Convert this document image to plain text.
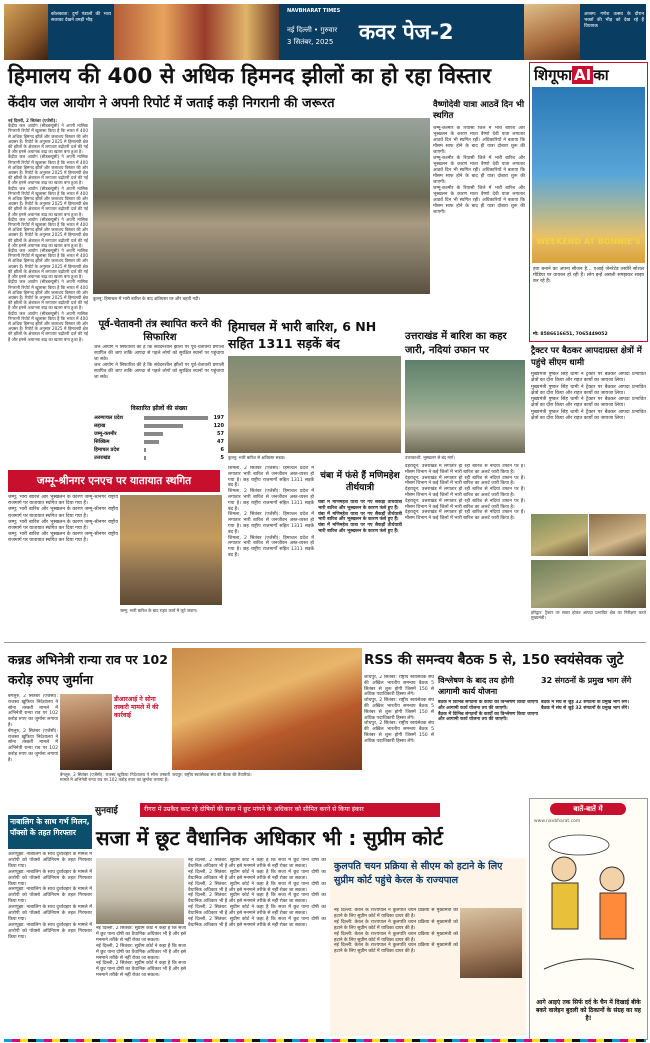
कोलकाता: दुर्गा पंडालों की भव्य सजावट देखने उमड़ी भीड़
NAVBHARAT TIMES
नई दिल्ली • गुरुवार
3 सितंबर, 2025 कवर पेज-2
आश्रम: गणेश उत्सव के दौरान भक्तों की भीड़ को देख रहे हैं विधायक
हिमालय की 400 से अधिक हिमनद झीलों का हो रहा विस्तार
केंदीय जल आयोग ने अपनी रिपोर्ट में जताई कड़ी निगरानी की जरूरत
नई दिल्ली, 2 सितंबर (एजेंसी):
केंद्रीय जल आयोग (सीडब्ल्यूसी) ने अपनी मासिक निगरानी रिपोर्ट में खुलासा किया है कि भारत में 400 से अधिक हिमनद झीलें और जलाशय विस्तार की ओर अग्रसर हैं। रिपोर्ट के अनुसार 2025 में हिमालयी क्षेत्र की झीलों के क्षेत्रफल में लगातार बढ़ोतरी दर्ज की गई है और इनसे अचानक बाढ़ का खतरा बना हुआ है।
केंद्रीय जल आयोग (सीडब्ल्यूसी) ने अपनी मासिक निगरानी रिपोर्ट में खुलासा किया है कि भारत में 400 से अधिक हिमनद झीलें और जलाशय विस्तार की ओर अग्रसर हैं। रिपोर्ट के अनुसार 2025 में हिमालयी क्षेत्र की झीलों के क्षेत्रफल में लगातार बढ़ोतरी दर्ज की गई है और इनसे अचानक बाढ़ का खतरा बना हुआ है।
केंद्रीय जल आयोग (सीडब्ल्यूसी) ने अपनी मासिक निगरानी रिपोर्ट में खुलासा किया है कि भारत में 400 से अधिक हिमनद झीलें और जलाशय विस्तार की ओर अग्रसर हैं। रिपोर्ट के अनुसार 2025 में हिमालयी क्षेत्र की झीलों के क्षेत्रफल में लगातार बढ़ोतरी दर्ज की गई है और इनसे अचानक बाढ़ का खतरा बना हुआ है।
केंद्रीय जल आयोग (सीडब्ल्यूसी) ने अपनी मासिक निगरानी रिपोर्ट में खुलासा किया है कि भारत में 400 से अधिक हिमनद झीलें और जलाशय विस्तार की ओर अग्रसर हैं। रिपोर्ट के अनुसार 2025 में हिमालयी क्षेत्र की झीलों के क्षेत्रफल में लगातार बढ़ोतरी दर्ज की गई है और इनसे अचानक बाढ़ का खतरा बना हुआ है।
केंद्रीय जल आयोग (सीडब्ल्यूसी) ने अपनी मासिक निगरानी रिपोर्ट में खुलासा किया है कि भारत में 400 से अधिक हिमनद झीलें और जलाशय विस्तार की ओर अग्रसर हैं। रिपोर्ट के अनुसार 2025 में हिमालयी क्षेत्र की झीलों के क्षेत्रफल में लगातार बढ़ोतरी दर्ज की गई है और इनसे अचानक बाढ़ का खतरा बना हुआ है।
केंद्रीय जल आयोग (सीडब्ल्यूसी) ने अपनी मासिक निगरानी रिपोर्ट में खुलासा किया है कि भारत में 400 से अधिक हिमनद झीलें और जलाशय विस्तार की ओर अग्रसर हैं। रिपोर्ट के अनुसार 2025 में हिमालयी क्षेत्र की झीलों के क्षेत्रफल में लगातार बढ़ोतरी दर्ज की गई है और इनसे अचानक बाढ़ का खतरा बना हुआ है।
केंद्रीय जल आयोग (सीडब्ल्यूसी) ने अपनी मासिक निगरानी रिपोर्ट में खुलासा किया है कि भारत में 400 से अधिक हिमनद झीलें और जलाशय विस्तार की ओर अग्रसर हैं। रिपोर्ट के अनुसार 2025 में हिमालयी क्षेत्र की झीलों के क्षेत्रफल में लगातार बढ़ोतरी दर्ज की गई है और इनसे अचानक बाढ़ का खतरा बना हुआ है।
कुल्लू: हिमाचल में भारी बारिश के बाद क्षतिग्रस्त घर और बहती नदी।
वैष्णोदेवी यात्रा आठवें दिन भी स्थगित
जम्मू-कश्मीर के रियासी जिले में भारी बारिश और भूस्खलन के कारण माता वैष्णो देवी यात्रा लगातार आठवें दिन भी स्थगित रही। अधिकारियों ने बताया कि मौसम साफ होने के बाद ही यात्रा दोबारा शुरू की जाएगी।
जम्मू-कश्मीर के रियासी जिले में भारी बारिश और भूस्खलन के कारण माता वैष्णो देवी यात्रा लगातार आठवें दिन भी स्थगित रही। अधिकारियों ने बताया कि मौसम साफ होने के बाद ही यात्रा दोबारा शुरू की जाएगी।
जम्मू-कश्मीर के रियासी जिले में भारी बारिश और भूस्खलन के कारण माता वैष्णो देवी यात्रा लगातार आठवें दिन भी स्थगित रही। अधिकारियों ने बताया कि मौसम साफ होने के बाद ही यात्रा दोबारा शुरू की जाएगी।
शिगूफा AI का
WEEKEND AT BONNIE'S
हवा बनाने का अपना सीजन है... एआई जेनरेटेड तस्वीरें सोशल मीडिया पर वायरल हो रही हैं। लोग इन्हें असली समझकर साझा कर रहे हैं।
मो: 8586616651, 7065449052
पूर्व-चेतावनी तंत्र स्थापित करने की सिफारिश
जल आयोग ने सिफारिश की है कि संवेदनशील झीलों पर पूर्व-चेतावनी प्रणाली स्थापित की जाए ताकि आपदा से पहले लोगों को सुरक्षित स्थानों पर पहुंचाया जा सके।
जल आयोग ने सिफारिश की है कि संवेदनशील झीलों पर पूर्व-चेतावनी प्रणाली स्थापित की जाए ताकि आपदा से पहले लोगों को सुरक्षित स्थानों पर पहुंचाया जा सके।
विस्तारित झीलों की संख्या
अरुणाचल प्रदेश	197
लद्दाख	120
जम्मू-कश्मीर	57
सिक्किम	47
हिमाचल प्रदेश	6
उत्तराखंड	5
हिमाचल में भारी बारिश, 6 NH सहित 1311 सड़कें बंद
कुल्लू: भारी बारिश से क्षतिग्रस्त सड़क।
उत्तराखंड में बारिश का कहर जारी, नदियां उफान पर
उत्तरकाशी: भूस्खलन से बंद मार्ग।
ट्रैक्टर पर बैठकर आपदाग्रस्त क्षेत्रों में पहुंचे सीएम धामी
मुख्यमंत्री पुष्कर सिंह धामी ने ट्रैक्टर पर बैठकर आपदा प्रभावित क्षेत्रों का दौरा किया और राहत कार्यों का जायजा लिया।
मुख्यमंत्री पुष्कर सिंह धामी ने ट्रैक्टर पर बैठकर आपदा प्रभावित क्षेत्रों का दौरा किया और राहत कार्यों का जायजा लिया।
मुख्यमंत्री पुष्कर सिंह धामी ने ट्रैक्टर पर बैठकर आपदा प्रभावित क्षेत्रों का दौरा किया और राहत कार्यों का जायजा लिया।
मुख्यमंत्री पुष्कर सिंह धामी ने ट्रैक्टर पर बैठकर आपदा प्रभावित क्षेत्रों का दौरा किया और राहत कार्यों का जायजा लिया।
देहरादून: उत्तराखंड में लगातार हो रही बारिश से नदियां उफान पर हैं। मौसम विभाग ने कई जिलों में भारी बारिश का अलर्ट जारी किया है।
देहरादून: उत्तराखंड में लगातार हो रही बारिश से नदियां उफान पर हैं। मौसम विभाग ने कई जिलों में भारी बारिश का अलर्ट जारी किया है।
देहरादून: उत्तराखंड में लगातार हो रही बारिश से नदियां उफान पर हैं। मौसम विभाग ने कई जिलों में भारी बारिश का अलर्ट जारी किया है।
देहरादून: उत्तराखंड में लगातार हो रही बारिश से नदियां उफान पर हैं। मौसम विभाग ने कई जिलों में भारी बारिश का अलर्ट जारी किया है।
देहरादून: उत्तराखंड में लगातार हो रही बारिश से नदियां उफान पर हैं। मौसम विभाग ने कई जिलों में भारी बारिश का अलर्ट जारी किया है।
हरिद्वार: ट्रैक्टर पर सवार होकर आपदा प्रभावित क्षेत्र का निरीक्षण करते मुख्यमंत्री।
जम्मू-श्रीनगर एनएच पर यातायात स्थगित
जम्मू: भारी बारिश और भूस्खलन के कारण जम्मू-श्रीनगर राष्ट्रीय राजमार्ग पर यातायात स्थगित कर दिया गया है।
जम्मू: भारी बारिश और भूस्खलन के कारण जम्मू-श्रीनगर राष्ट्रीय राजमार्ग पर यातायात स्थगित कर दिया गया है।
जम्मू: भारी बारिश और भूस्खलन के कारण जम्मू-श्रीनगर राष्ट्रीय राजमार्ग पर यातायात स्थगित कर दिया गया है।
जम्मू: भारी बारिश और भूस्खलन के कारण जम्मू-श्रीनगर राष्ट्रीय राजमार्ग पर यातायात स्थगित कर दिया गया है।
जम्मू: भारी बारिश के बाद राहत कार्य में जुटे जवान।
शिमला, 2 सितंबर (एजेंसी): हिमाचल प्रदेश में लगातार भारी बारिश से जनजीवन अस्त-व्यस्त हो गया है। छह राष्ट्रीय राजमार्गों सहित 1311 सड़कें बंद हैं।
शिमला, 2 सितंबर (एजेंसी): हिमाचल प्रदेश में लगातार भारी बारिश से जनजीवन अस्त-व्यस्त हो गया है। छह राष्ट्रीय राजमार्गों सहित 1311 सड़कें बंद हैं।
शिमला, 2 सितंबर (एजेंसी): हिमाचल प्रदेश में लगातार भारी बारिश से जनजीवन अस्त-व्यस्त हो गया है। छह राष्ट्रीय राजमार्गों सहित 1311 सड़कें बंद हैं।
शिमला, 2 सितंबर (एजेंसी): हिमाचल प्रदेश में लगातार भारी बारिश से जनजीवन अस्त-व्यस्त हो गया है। छह राष्ट्रीय राजमार्गों सहित 1311 सड़कें बंद हैं।
चंबा में फंसे हैं मणिमहेश तीर्थयात्री
चंबा में मणिमहेश यात्रा पर गए सैकड़ों तीर्थयात्री भारी बारिश और भूस्खलन के कारण फंसे हुए हैं।
चंबा में मणिमहेश यात्रा पर गए सैकड़ों तीर्थयात्री भारी बारिश और भूस्खलन के कारण फंसे हुए हैं।
चंबा में मणिमहेश यात्रा पर गए सैकड़ों तीर्थयात्री भारी बारिश और भूस्खलन के कारण फंसे हुए हैं।
कन्नड अभिनेत्री रान्या राव पर 102 करोड़ रुपए जुर्माना
बेंगलुरु, 2 सितंबर (एजेंसी): राजस्व खुफिया निदेशालय ने सोना तस्करी मामले में अभिनेत्री रान्या राव पर 102 करोड़ रुपए का जुर्माना लगाया है।
बेंगलुरु, 2 सितंबर (एजेंसी): राजस्व खुफिया निदेशालय ने सोना तस्करी मामले में अभिनेत्री रान्या राव पर 102 करोड़ रुपए का जुर्माना लगाया है।
डीआरआई ने सोना तस्करी मामले में की कार्रवाई
बेंगलुरु, 2 सितंबर (एजेंसी): राजस्व खुफिया निदेशालय ने सोना तस्करी मामले में अभिनेत्री रान्या राव पर 102 करोड़ रुपए का जुर्माना लगाया है।
नाबालिग के साथ गर्भ मिलन, पॉक्सो के तहत गिरफ्तार
अलप्पुझा: नाबालिग के साथ दुर्व्यवहार के मामले में आरोपी को पॉक्सो अधिनियम के तहत गिरफ्तार किया गया।
अलप्पुझा: नाबालिग के साथ दुर्व्यवहार के मामले में आरोपी को पॉक्सो अधिनियम के तहत गिरफ्तार किया गया।
अलप्पुझा: नाबालिग के साथ दुर्व्यवहार के मामले में आरोपी को पॉक्सो अधिनियम के तहत गिरफ्तार किया गया।
अलप्पुझा: नाबालिग के साथ दुर्व्यवहार के मामले में आरोपी को पॉक्सो अधिनियम के तहत गिरफ्तार किया गया।
अलप्पुझा: नाबालिग के साथ दुर्व्यवहार के मामले में आरोपी को पॉक्सो अधिनियम के तहत गिरफ्तार किया गया।
RSS की समन्वय बैठक 5 से, 150 स्वयंसेवक जुटे
जयपुर: राष्ट्रीय स्वयंसेवक संघ की बैठक की तैयारियां।
जोधपुर, 2 सितंबर: राष्ट्रीय स्वयंसेवक संघ की अखिल भारतीय समन्वय बैठक 5 सितंबर से शुरू होगी जिसमें 150 से अधिक पदाधिकारी हिस्सा लेंगे।
जोधपुर, 2 सितंबर: राष्ट्रीय स्वयंसेवक संघ की अखिल भारतीय समन्वय बैठक 5 सितंबर से शुरू होगी जिसमें 150 से अधिक पदाधिकारी हिस्सा लेंगे।
जोधपुर, 2 सितंबर: राष्ट्रीय स्वयंसेवक संघ की अखिल भारतीय समन्वय बैठक 5 सितंबर से शुरू होगी जिसमें 150 से अधिक पदाधिकारी हिस्सा लेंगे।
विश्लेषण के बाद तय होगी आगामी कार्य योजना
बैठक में विभिन्न संगठनों के कार्यों का विश्लेषण किया जाएगा और आगामी कार्य योजना तय की जाएगी।
बैठक में विभिन्न संगठनों के कार्यों का विश्लेषण किया जाएगा और आगामी कार्य योजना तय की जाएगी।
32 संगठनों के प्रमुख भाग लेंगे
बैठक में संघ से जुड़े 32 संगठनों के प्रमुख भाग लेंगे।
बैठक में संघ से जुड़े 32 संगठनों के प्रमुख भाग लेंगे।
सुनवाई	रीगरा में उम्रकैद काट रहे दोषियों की सजा में छूट मांगने के अधिकार को सीमित करने से किया इंकार
सजा में छूट वैधानिक अधिकार भी : सुप्रीम कोर्ट
नई दिल्ली, 2 सितंबर: सुप्रीम कोर्ट ने कहा है कि सजा में छूट पाना दोषी का वैधानिक अधिकार भी है और इसे मनमाने तरीके से नहीं रोका जा सकता।
नई दिल्ली, 2 सितंबर: सुप्रीम कोर्ट ने कहा है कि सजा में छूट पाना दोषी का वैधानिक अधिकार भी है और इसे मनमाने तरीके से नहीं रोका जा सकता।
नई दिल्ली, 2 सितंबर: सुप्रीम कोर्ट ने कहा है कि सजा में छूट पाना दोषी का वैधानिक अधिकार भी है और इसे मनमाने तरीके से नहीं रोका जा सकता।
नई दिल्ली, 2 सितंबर: सुप्रीम कोर्ट ने कहा है कि सजा में छूट पाना दोषी का वैधानिक अधिकार भी है और इसे मनमाने तरीके से नहीं रोका जा सकता।
नई दिल्ली, 2 सितंबर: सुप्रीम कोर्ट ने कहा है कि सजा में छूट पाना दोषी का वैधानिक अधिकार भी है और इसे मनमाने तरीके से नहीं रोका जा सकता।
नई दिल्ली, 2 सितंबर: सुप्रीम कोर्ट ने कहा है कि सजा में छूट पाना दोषी का वैधानिक अधिकार भी है और इसे मनमाने तरीके से नहीं रोका जा सकता।
नई दिल्ली, 2 सितंबर: सुप्रीम कोर्ट ने कहा है कि सजा में छूट पाना दोषी का वैधानिक अधिकार भी है और इसे मनमाने तरीके से नहीं रोका जा सकता।
नई दिल्ली, 2 सितंबर: सुप्रीम कोर्ट ने कहा है कि सजा में छूट पाना दोषी का वैधानिक अधिकार भी है और इसे मनमाने तरीके से नहीं रोका जा सकता।
नई दिल्ली, 2 सितंबर: सुप्रीम कोर्ट ने कहा है कि सजा में छूट पाना दोषी का वैधानिक अधिकार भी है और इसे मनमाने तरीके से नहीं रोका जा सकता।
कुलपति चयन प्रक्रिया से सीएम को हटाने के लिए सुप्रीम कोर्ट पहुंचे केरल के राज्यपाल
नई दिल्ली: केरल के राज्यपाल ने कुलपति चयन प्रक्रिया से मुख्यमंत्री को हटाने के लिए सुप्रीम कोर्ट में याचिका दायर की है।
नई दिल्ली: केरल के राज्यपाल ने कुलपति चयन प्रक्रिया से मुख्यमंत्री को हटाने के लिए सुप्रीम कोर्ट में याचिका दायर की है।
नई दिल्ली: केरल के राज्यपाल ने कुलपति चयन प्रक्रिया से मुख्यमंत्री को हटाने के लिए सुप्रीम कोर्ट में याचिका दायर की है।
नई दिल्ली: केरल के राज्यपाल ने कुलपति चयन प्रक्रिया से मुख्यमंत्री को हटाने के लिए सुप्रीम कोर्ट में याचिका दायर की है।
बातें-बातें में
www.navbharat.com
आगे आइएं तक सिर्फ दर्द के चैन में दिखाई बीके बकरे वालेइन बुदली को ठिकानों के संग्रह का यह है!
